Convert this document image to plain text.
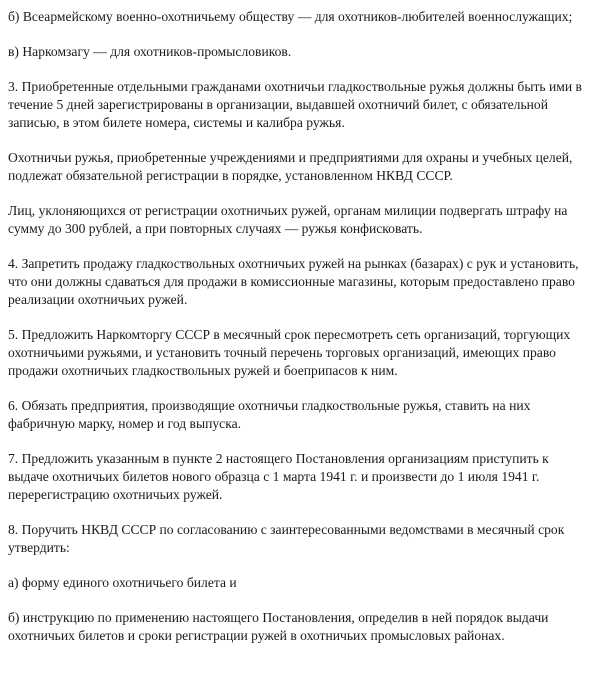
б) Всеармейскому военно-охотничьему обществу — для охотников-любителей военнослужащих;

в) Наркомзагу — для охотников-промысловиков.

3. Приобретенные отдельными гражданами охотничьи гладкоствольные ружья должны быть ими в течение 5 дней зарегистрированы в организации, выдавшей охотничий билет, с обязательной записью, в этом билете номера, системы и калибра ружья.

Охотничьи ружья, приобретенные учреждениями и предприятиями для охраны и учебных целей, подлежат обязательной регистрации в порядке, установленном НКВД СССР.

Лиц, уклоняющихся от регистрации охотничьих ружей, органам милиции подвергать штрафу на сумму до 300 рублей, а при повторных случаях — ружья конфисковать.

4. Запретить продажу гладкоствольных охотничьих ружей на рынках (базарах) с рук и установить, что они должны сдаваться для продажи в комиссионные магазины, которым предоставлено право реализации охотничьих ружей.

5. Предложить Наркомторгу СССР в месячный срок пересмотреть сеть организаций, торгующих охотничьими ружьями, и установить точный перечень торговых организаций, имеющих право продажи охотничьих гладкоствольных ружей и боеприпасов к ним.

6. Обязать предприятия, производящие охотничьи гладкоствольные ружья, ставить на них фабричную марку, номер и год выпуска.

7. Предложить указанным в пункте 2 настоящего Постановления организациям приступить к выдаче охотничьих билетов нового образца с 1 марта 1941 г. и произвести до 1 июля 1941 г. перерегистрацию охотничьих ружей.

8. Поручить НКВД СССР по согласованию с заинтересованными ведомствами в месячный срок утвердить:

а) форму единого охотничьего билета и

б) инструкцию по применению настоящего Постановления, определив в ней порядок выдачи охотничьих билетов и сроки регистрации ружей в охотничьих промысловых районах.
